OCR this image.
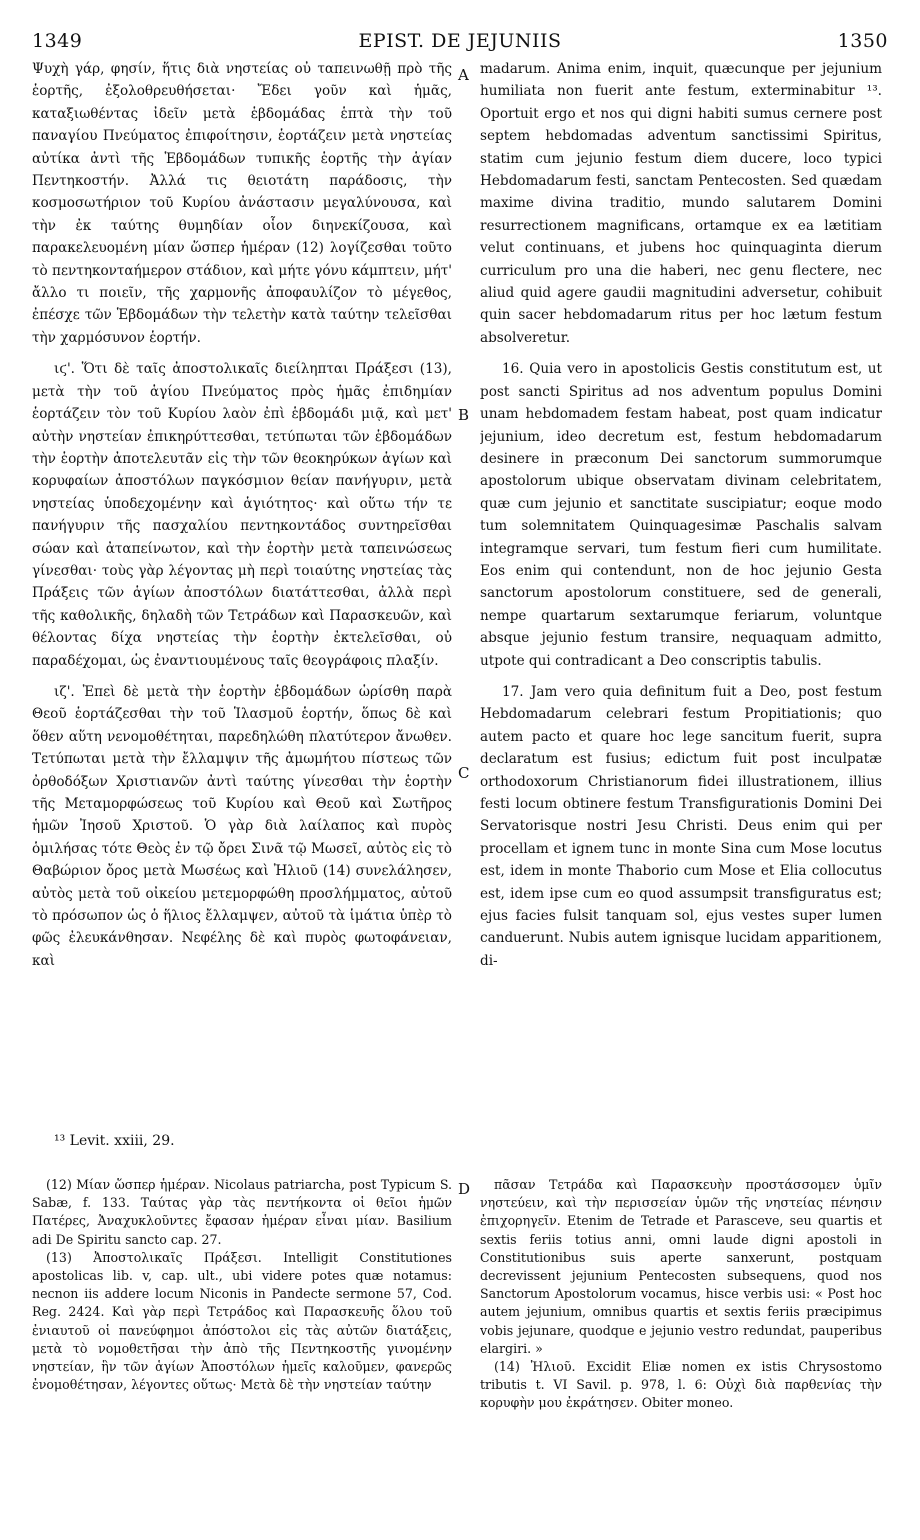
1349	EPIST. DE JEJUNIIS	1350

Ψυχὴ γάρ, φησίν, ἥτις διὰ νηστείας οὐ ταπεινωθῇ πρὸ τῆς ἑορτῆς, ἐξολοθρευθήσεται· Ἔδει γοῦν καὶ ἡμᾶς, καταξιωθέντας ἰδεῖν μετὰ ἑβδομάδας ἑπτὰ τὴν τοῦ παναγίου Πνεύματος ἐπιφοίτησιν, ἑορτάζειν μετὰ νηστείας αὐτίκα ἀντὶ τῆς Ἑβδομάδων τυπικῆς ἑορτῆς τὴν ἁγίαν Πεντηκοστήν. Ἀλλά τις θειοτάτη παράδοσις, τὴν κοσμοσωτήριον τοῦ Κυρίου ἀνάστασιν μεγαλύνουσα, καὶ τὴν ἐκ ταύτης θυμηδίαν οἷον διηνεκίζουσα, καὶ παρακελευομένη μίαν ὥσπερ ἡμέραν (12) λογίζεσθαι τοῦτο τὸ πεντηκονταήμερον στάδιον, καὶ μήτε γόνυ κάμπτειν, μήτ' ἄλλο τι ποιεῖν, τῆς χαρμονῆς ἀποφαυλίζον τὸ μέγεθος, ἐπέσχε τῶν Ἑβδομάδων τὴν τελετὴν κατὰ ταύτην τελεῖσθαι τὴν χαρμόσυνον ἑορτήν.

ιϛ'. Ὅτι δὲ ταῖς ἀποστολικαῖς διείληπται Πράξεσι (13), μετὰ τὴν τοῦ ἁγίου Πνεύματος πρὸς ἡμᾶς ἐπιδημίαν ἑορτάζειν τὸν τοῦ Κυρίου λαὸν ἐπὶ ἑβδομάδι μιᾷ, καὶ μετ' αὐτὴν νηστείαν ἐπικηρύττεσθαι, τετύπωται τῶν ἑβδομάδων τὴν ἑορτὴν ἀποτελευτᾶν εἰς τὴν τῶν θεοκηρύκων ἁγίων καὶ κορυφαίων ἀποστόλων παγκόσμιον θείαν πανήγυριν, μετὰ νηστείας ὑποδεχομένην καὶ ἁγιότητος· καὶ οὕτω τήν τε πανήγυριν τῆς πασχαλίου πεντηκοντάδος συντηρεῖσθαι σώαν καὶ ἀταπείνωτον, καὶ τὴν ἑορτὴν μετὰ ταπεινώσεως γίνεσθαι· τοὺς γὰρ λέγοντας μὴ περὶ τοιαύτης νηστείας τὰς Πράξεις τῶν ἁγίων ἀποστόλων διατάττεσθαι, ἀλλὰ περὶ τῆς καθολικῆς, δηλαδὴ τῶν Τετράδων καὶ Παρασκευῶν, καὶ θέλοντας δίχα νηστείας τὴν ἑορτὴν ἐκτελεῖσθαι, οὐ παραδέχομαι, ὡς ἐναντιουμένους ταῖς θεογράφοις πλαξίν.

ιζ'. Ἐπεὶ δὲ μετὰ τὴν ἑορτὴν ἑβδομάδων ὡρίσθη παρὰ Θεοῦ ἑορτάζεσθαι τὴν τοῦ Ἱλασμοῦ ἑορτήν, ὅπως δὲ καὶ ὅθεν αὕτη νενομοθέτηται, παρεδηλώθη πλατύτερον ἄνωθεν. Τετύπωται μετὰ τὴν ἔλλαμψιν τῆς ἀμωμήτου πίστεως τῶν ὀρθοδόξων Χριστιανῶν ἀντὶ ταύτης γίνεσθαι τὴν ἑορτὴν τῆς Μεταμορφώσεως τοῦ Κυρίου καὶ Θεοῦ καὶ Σωτῆρος ἡμῶν Ἰησοῦ Χριστοῦ. Ὁ γὰρ διὰ λαίλαπος καὶ πυρὸς ὁμιλήσας τότε Θεὸς ἐν τῷ ὄρει Σινᾶ τῷ Μωσεῖ, αὐτὸς εἰς τὸ Θαβώριον ὄρος μετὰ Μωσέως καὶ Ἠλιοῦ (14) συνελάλησεν, αὐτὸς μετὰ τοῦ οἰκείου μετεμορφώθη προσλήμματος, αὐτοῦ τὸ πρόσωπον ὡς ὁ ἥλιος ἔλλαμψεν, αὐτοῦ τὰ ἱμάτια ὑπὲρ τὸ φῶς ἐλευκάνθησαν. Νεφέλης δὲ καὶ πυρὸς φωτοφάνειαν, καὶ

A
B
C
D

madarum. Anima enim, inquit, quæcunque per jejunium humiliata non fuerit ante festum, exterminabitur ¹³. Oportuit ergo et nos qui digni habiti sumus cernere post septem hebdomadas adventum sanctissimi Spiritus, statim cum jejunio festum diem ducere, loco typici Hebdomadarum festi, sanctam Pentecosten. Sed quædam maxime divina traditio, mundo salutarem Domini resurrectionem magnificans, ortamque ex ea lætitiam velut continuans, et jubens hoc quinquaginta dierum curriculum pro una die haberi, nec genu flectere, nec aliud quid agere gaudii magnitudini adversetur, cohibuit quin sacer hebdomadarum ritus per hoc lætum festum absolveretur.

16. Quia vero in apostolicis Gestis constitutum est, ut post sancti Spiritus ad nos adventum populus Domini unam hebdomadem festam habeat, post quam indicatur jejunium, ideo decretum est, festum hebdomadarum desinere in præconum Dei sanctorum summorumque apostolorum ubique observatam divinam celebritatem, quæ cum jejunio et sanctitate suscipiatur; eoque modo tum solemnitatem Quinquagesimæ Paschalis salvam integramque servari, tum festum fieri cum humilitate. Eos enim qui contendunt, non de hoc jejunio Gesta sanctorum apostolorum constituere, sed de generali, nempe quartarum sextarumque feriarum, voluntque absque jejunio festum transire, nequaquam admitto, utpote qui contradicant a Deo conscriptis tabulis.

17. Jam vero quia definitum fuit a Deo, post festum Hebdomadarum celebrari festum Propitiationis; quo autem pacto et quare hoc lege sancitum fuerit, supra declaratum est fusius; edictum fuit post inculpatæ orthodoxorum Christianorum fidei illustrationem, illius festi locum obtinere festum Transfigurationis Domini Dei Servatorisque nostri Jesu Christi. Deus enim qui per procellam et ignem tunc in monte Sina cum Mose locutus est, idem in monte Thaborio cum Mose et Elia collocutus est, idem ipse cum eo quod assumpsit transfiguratus est; ejus facies fulsit tanquam sol, ejus vestes super lumen canduerunt. Nubis autem ignisque lucidam apparitionem, di-

¹³ Levit. xxiii, 29.

(12) Μίαν ὥσπερ ἡμέραν. Nicolaus patriarcha, post Typicum S. Sabæ, f. 133. Ταύτας γὰρ τὰς πεντήκοντα οἱ θεῖοι ἡμῶν Πατέρες, Ἀναχυκλοῦντες ἔφασαν ἡμέραν εἶναι μίαν. Basilium adi De Spiritu sancto cap. 27.

(13) Ἀποστολικαῖς Πράξεσι. Intelligit Constitutiones apostolicas lib. v, cap. ult., ubi videre potes quæ notamus: necnon iis addere locum Niconis in Pandecte sermone 57, Cod. Reg. 2424. Καὶ γὰρ περὶ Τετράδος καὶ Παρασκευῆς ὅλου τοῦ ἐνιαυτοῦ οἱ πανεύφημοι ἀπόστολοι εἰς τὰς αὐτῶν διατάξεις, μετὰ τὸ νομοθετῆσαι τὴν ἀπὸ τῆς Πεντηκοστῆς γινομένην νηστείαν, ἣν τῶν ἁγίων Ἀποστόλων ἡμεῖς καλοῦμεν, φανερῶς ἐνομοθέτησαν, λέγοντες οὕτως· Μετὰ δὲ τὴν νηστείαν ταύτην

πᾶσαν Τετράδα καὶ Παρασκευὴν προστάσσομεν ὑμῖν νηστεύειν, καὶ τὴν περισσείαν ὑμῶν τῆς νηστείας πένησιν ἐπιχορηγεῖν. Etenim de Tetrade et Parasceve, seu quartis et sextis feriis totius anni, omni laude digni apostoli in Constitutionibus suis aperte sanxerunt, postquam decrevissent jejunium Pentecosten subsequens, quod nos Sanctorum Apostolorum vocamus, hisce verbis usi: « Post hoc autem jejunium, omnibus quartis et sextis feriis præcipimus vobis jejunare, quodque e jejunio vestro redundat, pauperibus elargiri. »

(14) Ἠλιοῦ. Excidit Eliæ nomen ex istis Chrysostomo tributis t. VI Savil. p. 978, l. 6: Οὐχὶ διὰ παρθενίας τὴν κορυφὴν μου ἐκράτησεν. Obiter moneo.
